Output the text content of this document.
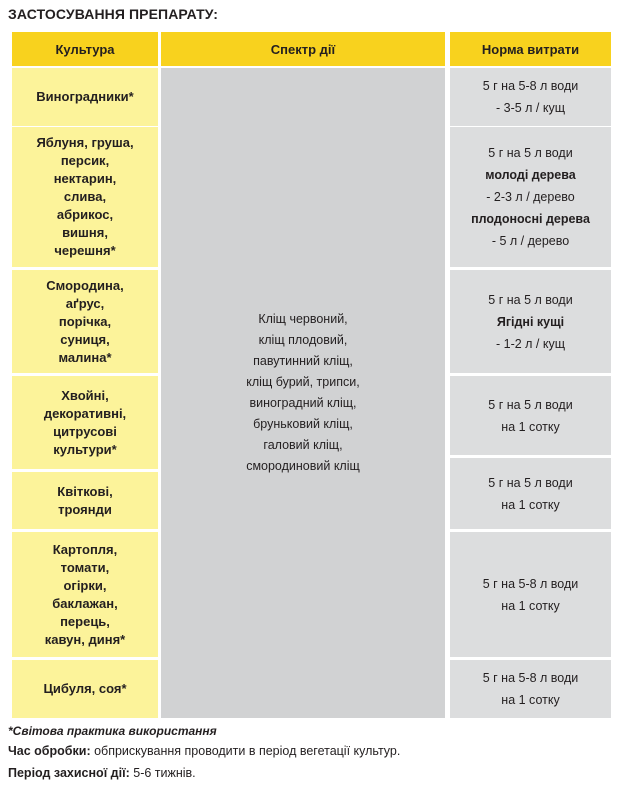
ЗАСТОСУВАННЯ ПРЕПАРАТУ:
Культура	Спектр дії	Норма витрати
Виноградники*
Яблуня, груша,
персик,
нектарин,
слива,
абрикос,
вишня,
черешня*
Смородина,
аґрус,
порічка,
суниця,
малина*
Хвойні,
декоративні,
цитрусові
культури*
Квіткові,
троянди
Картопля,
томати,
огірки,
баклажан,
перець,
кавун, диня*
Цибуля, соя*
Кліщ червоний,
кліщ плодовий,
павутинний кліщ,
кліщ бурий, трипси,
виноградний кліщ,
бруньковий кліщ,
галовий кліщ,
смородиновий кліщ
5 г на 5-8 л води
- 3-5 л / кущ
5 г на 5 л води
молоді дерева
- 2-3 л / дерево
плодоносні дерева
- 5 л / дерево
5 г на 5 л води
Ягідні кущі
- 1-2 л / кущ
5 г на 5 л води
на 1 сотку
5 г на 5 л води
на 1 сотку
5 г на 5-8 л води
на 1 сотку
5 г на 5-8 л води
на 1 сотку
*Світова практика використання
Час обробки: обприскування проводити в період вегетації культур.
Період захисної дії: 5-6 тижнів.
